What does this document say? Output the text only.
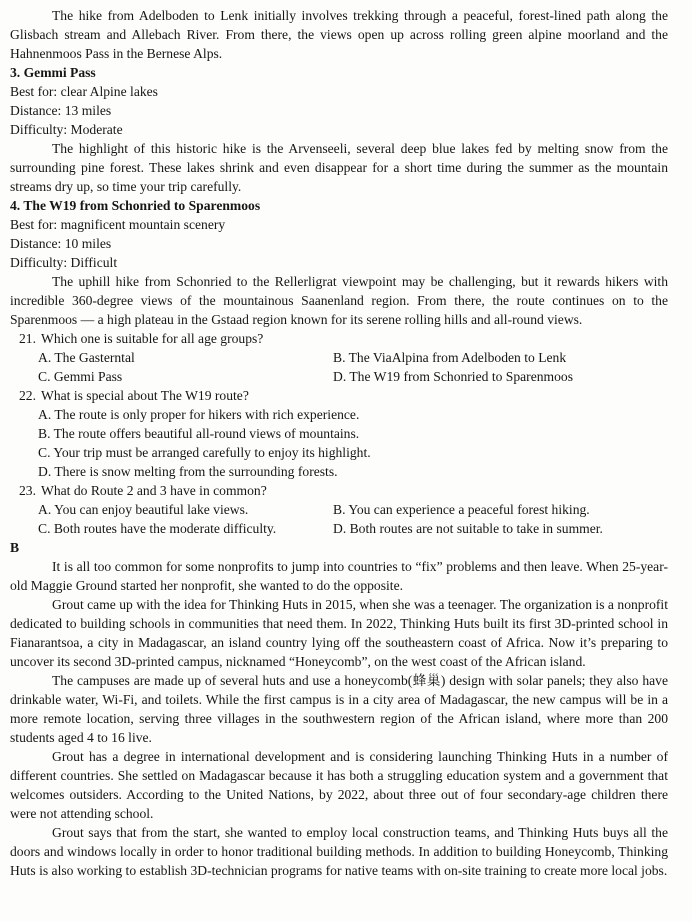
The hike from Adelboden to Lenk initially involves trekking through a peaceful, forest-lined path along the Glisbach stream and Allebach River. From there, the views open up across rolling green alpine moorland and the Hahnenmoos Pass in the Bernese Alps.

3. Gemmi Pass

Best for: clear Alpine lakes

Distance: 13 miles

Difficulty: Moderate

The highlight of this historic hike is the Arvenseeli, several deep blue lakes fed by melting snow from the surrounding pine forest. These lakes shrink and even disappear for a short time during the summer as the mountain streams dry up, so time your trip carefully.

4. The W19 from Schonried to Sparenmoos

Best for: magnificent mountain scenery

Distance: 10 miles

Difficulty: Difficult

The uphill hike from Schonried to the Rellerligrat viewpoint may be challenging, but it rewards hikers with incredible 360-degree views of the mountainous Saanenland region. From there, the route continues on to the Sparenmoos — a high plateau in the Gstaad region known for its serene rolling hills and all-round views.

21. Which one is suitable for all age groups?

A. The Gasterntal	B. The ViaAlpina from Adelboden to Lenk
C. Gemmi Pass	D. The W19 from Schonried to Sparenmoos

22. What is special about The W19 route?

A. The route is only proper for hikers with rich experience.
B. The route offers beautiful all-round views of mountains.
C. Your trip must be arranged carefully to enjoy its highlight.
D. There is snow melting from the surrounding forests.

23. What do Route 2 and 3 have in common?

A. You can enjoy beautiful lake views.	B. You can experience a peaceful forest hiking.
C. Both routes have the moderate difficulty.	D. Both routes are not suitable to take in summer.

B

It is all too common for some nonprofits to jump into countries to “fix” problems and then leave. When 25-year-old Maggie Ground started her nonprofit, she wanted to do the opposite.

Grout came up with the idea for Thinking Huts in 2015, when she was a teenager. The organization is a nonprofit dedicated to building schools in communities that need them. In 2022, Thinking Huts built its first 3D-printed school in Fianarantsoa, a city in Madagascar, an island country lying off the southeastern coast of Africa. Now it’s preparing to uncover its second 3D-printed campus, nicknamed “Honeycomb”, on the west coast of the African island.

The campuses are made up of several huts and use a honeycomb(蜂巢) design with solar panels; they also have drinkable water, Wi-Fi, and toilets. While the first campus is in a city area of Madagascar, the new campus will be in a more remote location, serving three villages in the southwestern region of the African island, where more than 200 students aged 4 to 16 live.

Grout has a degree in international development and is considering launching Thinking Huts in a number of different countries. She settled on Madagascar because it has both a struggling education system and a government that welcomes outsiders. According to the United Nations, by 2022, about three out of four secondary-age children there were not attending school.

Grout says that from the start, she wanted to employ local construction teams, and Thinking Huts buys all the doors and windows locally in order to honor traditional building methods. In addition to building Honeycomb, Thinking Huts is also working to establish 3D-technician programs for native teams with on-site training to create more local jobs.
